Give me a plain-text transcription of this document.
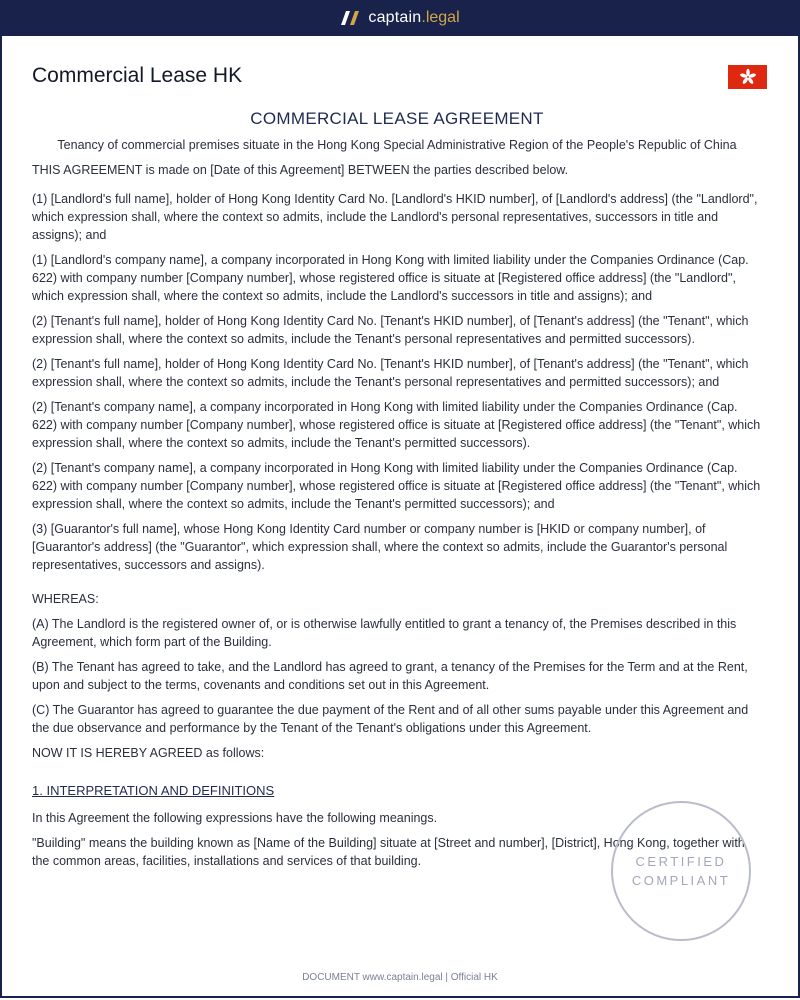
captain.legal
Commercial Lease HK
COMMERCIAL LEASE AGREEMENT

Tenancy of commercial premises situate in the Hong Kong Special Administrative Region of the People's Republic of China

THIS AGREEMENT is made on [Date of this Agreement] BETWEEN the parties described below.

(1) [Landlord's full name], holder of Hong Kong Identity Card No. [Landlord's HKID number], of [Landlord's address] (the "Landlord", which expression shall, where the context so admits, include the Landlord's personal representatives, successors in title and assigns); and

(1) [Landlord's company name], a company incorporated in Hong Kong with limited liability under the Companies Ordinance (Cap. 622) with company number [Company number], whose registered office is situate at [Registered office address] (the "Landlord", which expression shall, where the context so admits, include the Landlord's successors in title and assigns); and

(2) [Tenant's full name], holder of Hong Kong Identity Card No. [Tenant's HKID number], of [Tenant's address] (the "Tenant", which expression shall, where the context so admits, include the Tenant's personal representatives and permitted successors).

(2) [Tenant's full name], holder of Hong Kong Identity Card No. [Tenant's HKID number], of [Tenant's address] (the "Tenant", which expression shall, where the context so admits, include the Tenant's personal representatives and permitted successors); and

(2) [Tenant's company name], a company incorporated in Hong Kong with limited liability under the Companies Ordinance (Cap. 622) with company number [Company number], whose registered office is situate at [Registered office address] (the "Tenant", which expression shall, where the context so admits, include the Tenant's permitted successors).

(2) [Tenant's company name], a company incorporated in Hong Kong with limited liability under the Companies Ordinance (Cap. 622) with company number [Company number], whose registered office is situate at [Registered office address] (the "Tenant", which expression shall, where the context so admits, include the Tenant's permitted successors); and

(3) [Guarantor's full name], whose Hong Kong Identity Card number or company number is [HKID or company number], of [Guarantor's address] (the "Guarantor", which expression shall, where the context so admits, include the Guarantor's personal representatives, successors and assigns).

WHEREAS:

(A) The Landlord is the registered owner of, or is otherwise lawfully entitled to grant a tenancy of, the Premises described in this Agreement, which form part of the Building.

(B) The Tenant has agreed to take, and the Landlord has agreed to grant, a tenancy of the Premises for the Term and at the Rent, upon and subject to the terms, covenants and conditions set out in this Agreement.

(C) The Guarantor has agreed to guarantee the due payment of the Rent and of all other sums payable under this Agreement and the due observance and performance by the Tenant of the Tenant's obligations under this Agreement.

NOW IT IS HEREBY AGREED as follows:

1. INTERPRETATION AND DEFINITIONS

In this Agreement the following expressions have the following meanings.

"Building" means the building known as [Name of the Building] situate at [Street and number], [District], Hong Kong, together with the common areas, facilities, installations and services of that building.	CERTIFIED
COMPLIANT
DOCUMENT www.captain.legal | Official HK
